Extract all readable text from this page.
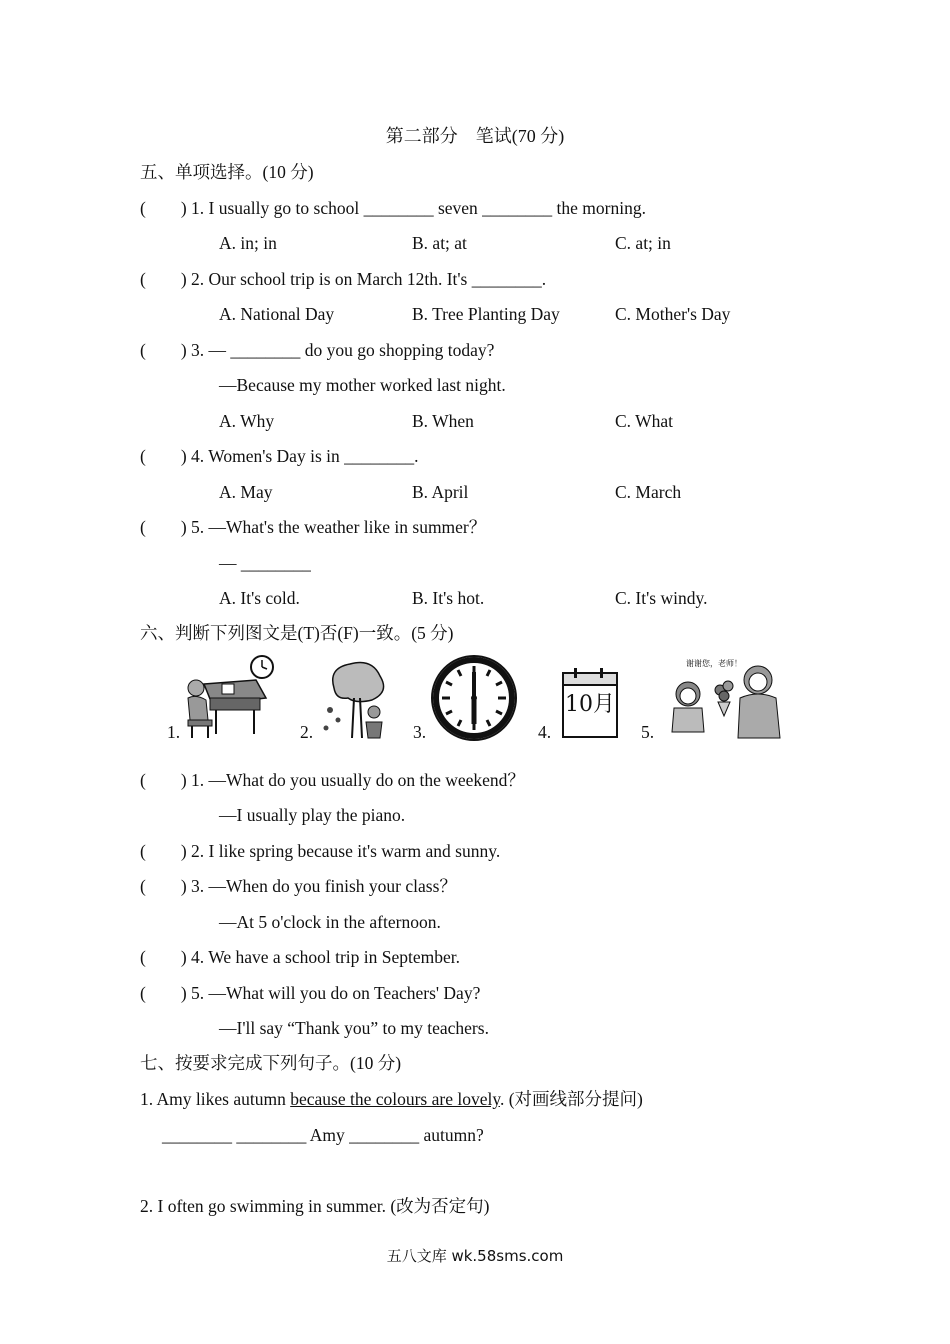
第二部分　笔试(70 分)
五、单项选择。(10 分)
(　　) 1. I usually go to school ________ seven ________ the morning.
A. in; in	B. at; at	C. at; in
(　　) 2. Our school trip is on March 12th. It's ________.
A. National Day	B. Tree Planting Day	C. Mother's Day
(　　) 3. — ________ do you go shopping today?
—Because my mother worked last night.
A. Why	B. When	C. What
(　　) 4. Women's Day is in ________.
A. May	B. April	C. March
(　　) 5. —What's the weather like in summer？
— ________
A. It's cold.	B. It's hot.	C. It's windy.
六、判断下列图文是(T)否(F)一致。(5 分)
1.	2.	3.	4.
10月
5.
谢谢您，老师！
(　　) 1. —What do you usually do on the weekend？
—I usually play the piano.
(　　) 2. I like spring because it's warm and sunny.
(　　) 3. —When do you finish your class？
—At 5 o'clock in the afternoon.
(　　) 4. We have a school trip in September.
(　　) 5. —What will you do on Teachers' Day?
—I'll say “Thank you” to my teachers.
七、按要求完成下列句子。(10 分)
1. Amy likes autumn because the colours are lovely. (对画线部分提问)
________ ________ Amy ________ autumn?
2. I often go swimming in summer. (改为否定句)
五八文库 wk.58sms.com
